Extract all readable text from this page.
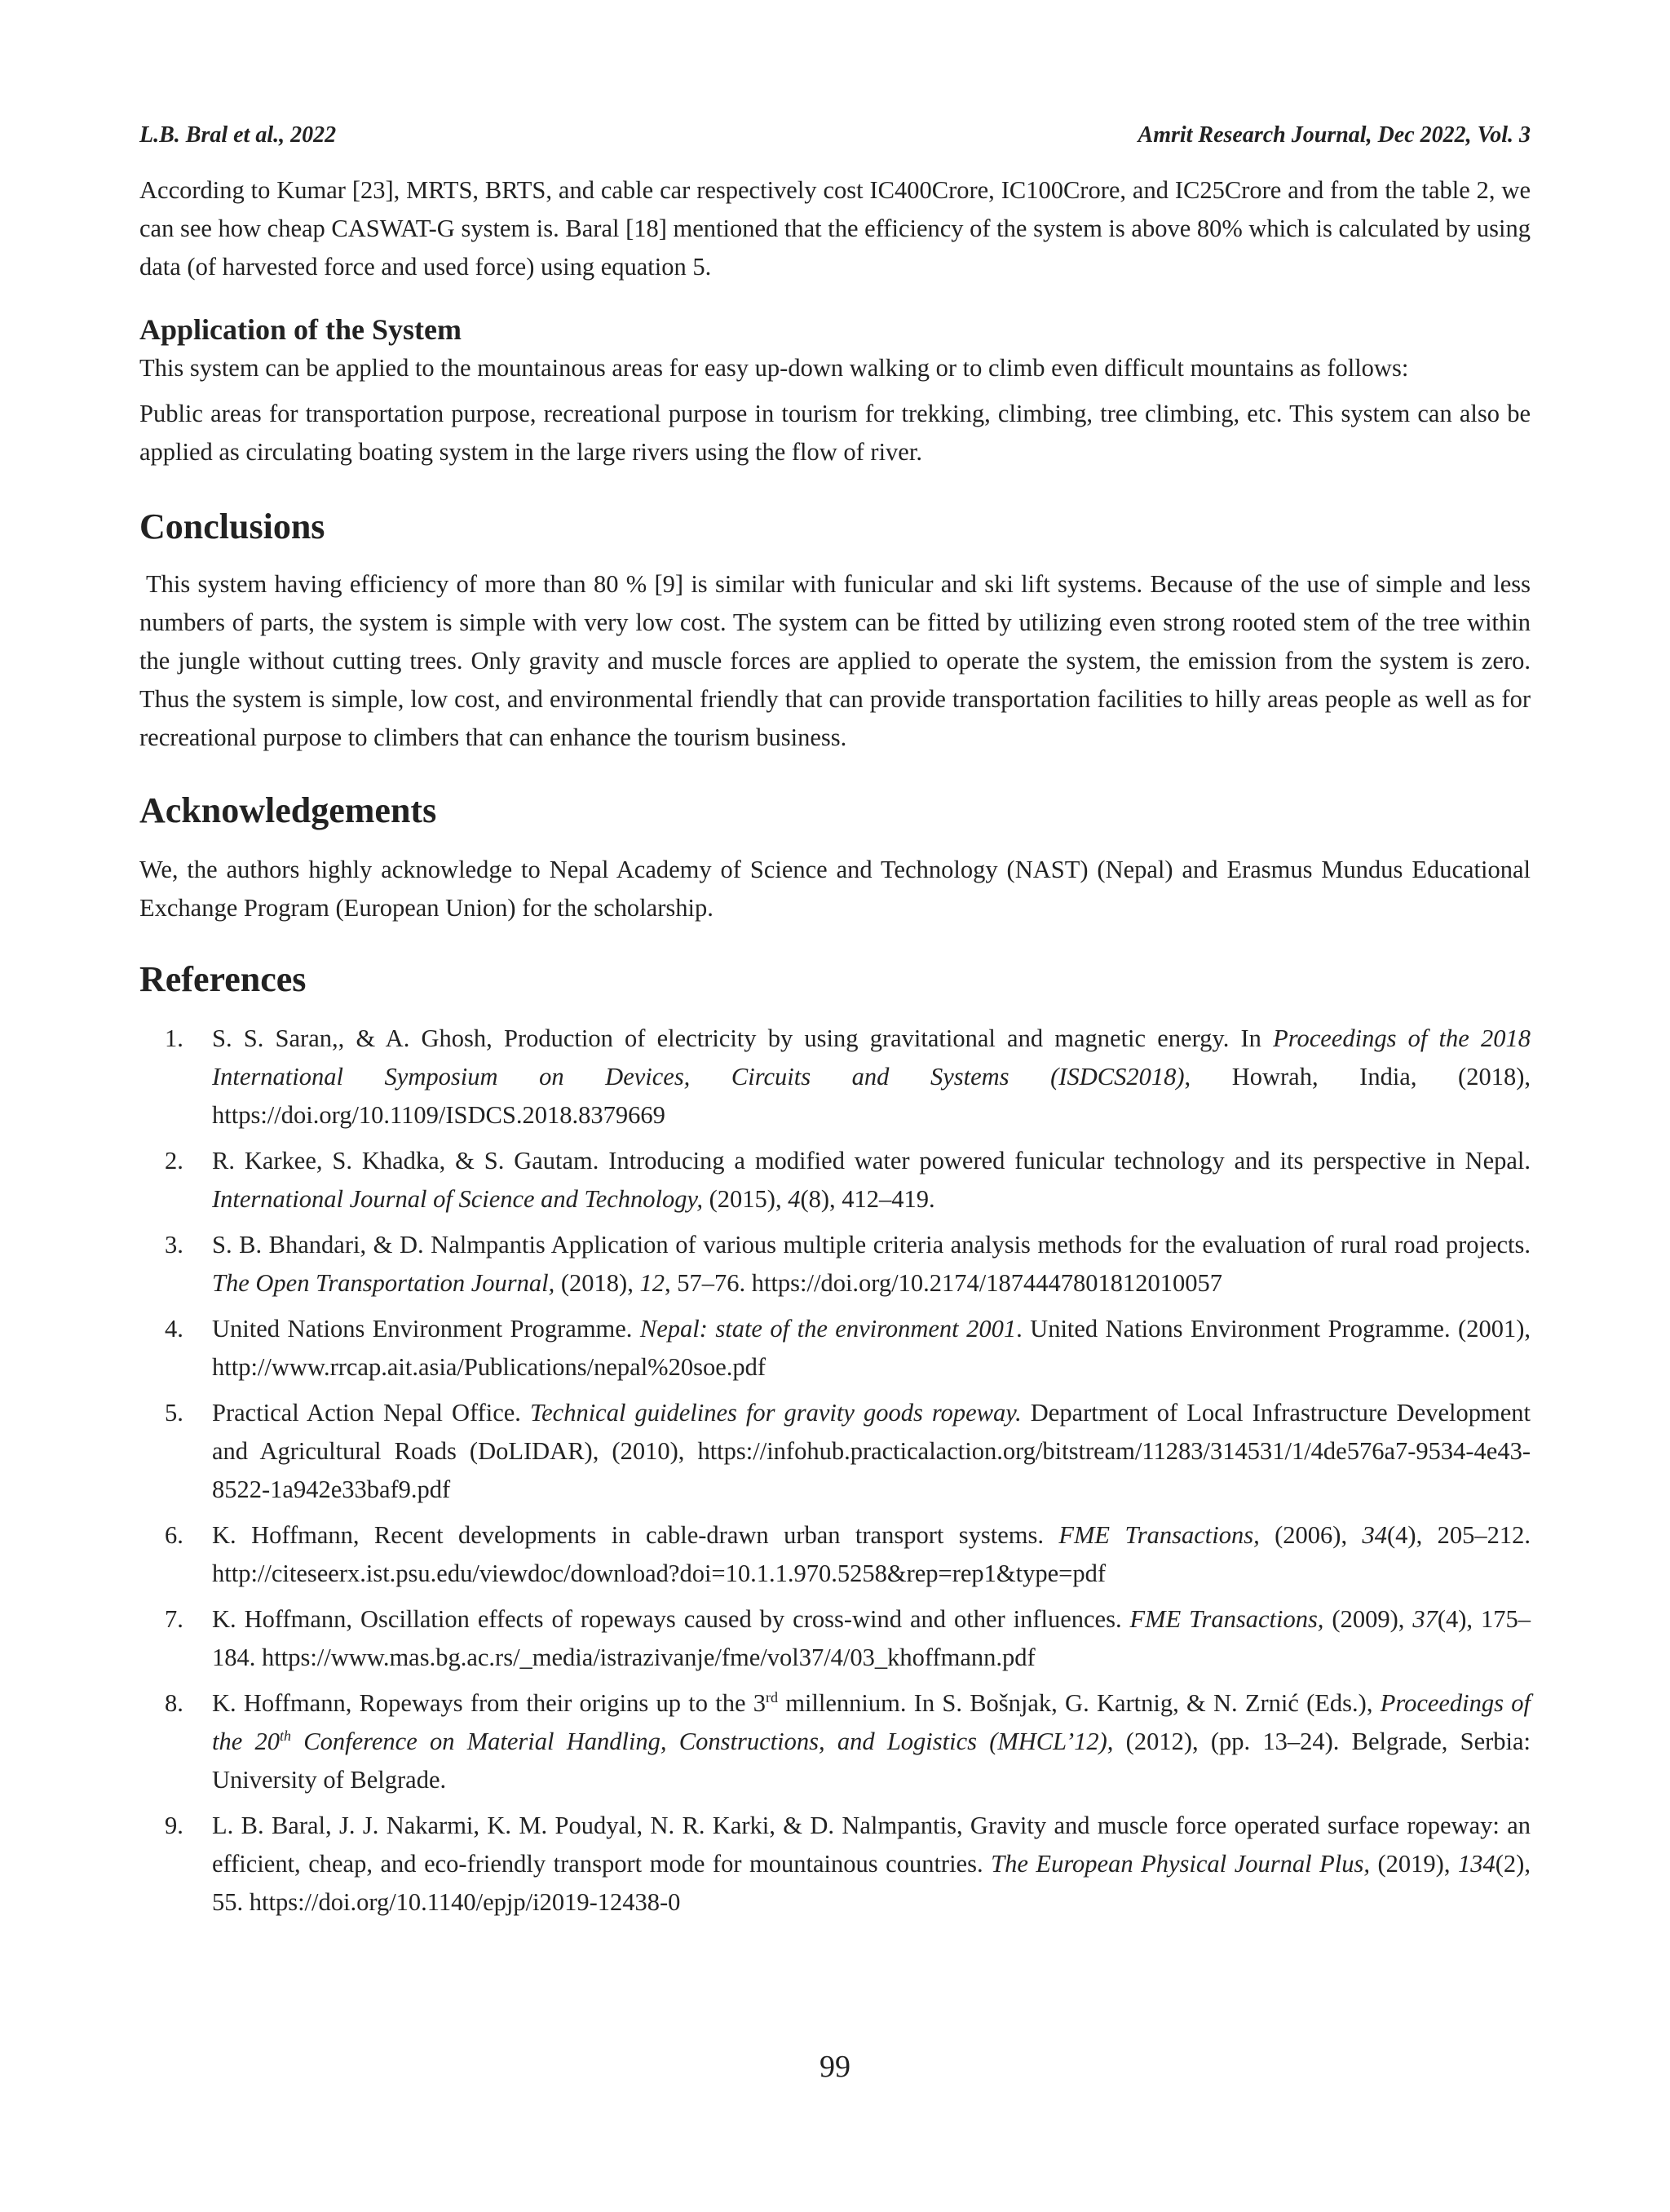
L.B. Bral et al., 2022	Amrit Research Journal, Dec 2022, Vol. 3

According to Kumar [23], MRTS, BRTS, and cable car respectively cost IC400Crore, IC100Crore, and IC25Crore and from the table 2, we can see how cheap CASWAT-G system is. Baral [18] mentioned that the efficiency of the system is above 80% which is calculated by using data (of harvested force and used force) using equation 5.

Application of the System

This system can be applied to the mountainous areas for easy up-down walking or to climb even difficult mountains as follows:

Public areas for transportation purpose, recreational purpose in tourism for trekking, climbing, tree climbing, etc. This system can also be applied as circulating boating system in the large rivers using the flow of river.

Conclusions

This system having efficiency of more than 80 % [9] is similar with funicular and ski lift systems. Because of the use of simple and less numbers of parts, the system is simple with very low cost. The system can be fitted by utilizing even strong rooted stem of the tree within the jungle without cutting trees. Only gravity and muscle forces are applied to operate the system, the emission from the system is zero. Thus the system is simple, low cost, and environmental friendly that can provide transportation facilities to hilly areas people as well as for recreational purpose to climbers that can enhance the tourism business.

Acknowledgements

We, the authors highly acknowledge to Nepal Academy of Science and Technology (NAST) (Nepal) and Erasmus Mundus Educational Exchange Program (European Union) for the scholarship.

References
1. S. S. Saran,, & A. Ghosh, Production of electricity by using gravitational and magnetic energy. In Proceedings of the 2018 International Symposium on Devices, Circuits and Systems (ISDCS2018), Howrah, India, (2018), https://doi.org/10.1109/ISDCS.2018.8379669
2. R. Karkee, S. Khadka, & S. Gautam. Introducing a modified water powered funicular technology and its perspective in Nepal. International Journal of Science and Technology, (2015), 4(8), 412–419.
3. S. B. Bhandari, & D. Nalmpantis Application of various multiple criteria analysis methods for the evaluation of rural road projects. The Open Transportation Journal, (2018), 12, 57–76. https://doi.org/10.2174/1874447801812010057
4. United Nations Environment Programme. Nepal: state of the environment 2001. United Nations Environment Programme. (2001), http://www.rrcap.ait.asia/Publications/nepal%20soe.pdf
5. Practical Action Nepal Office. Technical guidelines for gravity goods ropeway. Department of Local Infrastructure Development and Agricultural Roads (DoLIDAR), (2010), https://infohub.practicalaction.org/bitstream/11283/314531/1/4de576a7-9534-4e43-8522-1a942e33baf9.pdf
6. K. Hoffmann, Recent developments in cable-drawn urban transport systems. FME Transactions, (2006), 34(4), 205–212. http://citeseerx.ist.psu.edu/viewdoc/download?doi=10.1.1.970.5258&rep=rep1&type=pdf
7. K. Hoffmann, Oscillation effects of ropeways caused by cross-wind and other influences. FME Transactions, (2009), 37(4), 175–184. https://www.mas.bg.ac.rs/_media/istrazivanje/fme/vol37/4/03_khoffmann.pdf
8. K. Hoffmann, Ropeways from their origins up to the 3rd millennium. In S. Bošnjak, G. Kartnig, & N. Zrnić (Eds.), Proceedings of the 20th Conference on Material Handling, Constructions, and Logistics (MHCL’12), (2012), (pp. 13–24). Belgrade, Serbia: University of Belgrade.
9. L. B. Baral, J. J. Nakarmi, K. M. Poudyal, N. R. Karki, & D. Nalmpantis, Gravity and muscle force operated surface ropeway: an efficient, cheap, and eco-friendly transport mode for mountainous countries. The European Physical Journal Plus, (2019), 134(2), 55. https://doi.org/10.1140/epjp/i2019-12438-0
99
